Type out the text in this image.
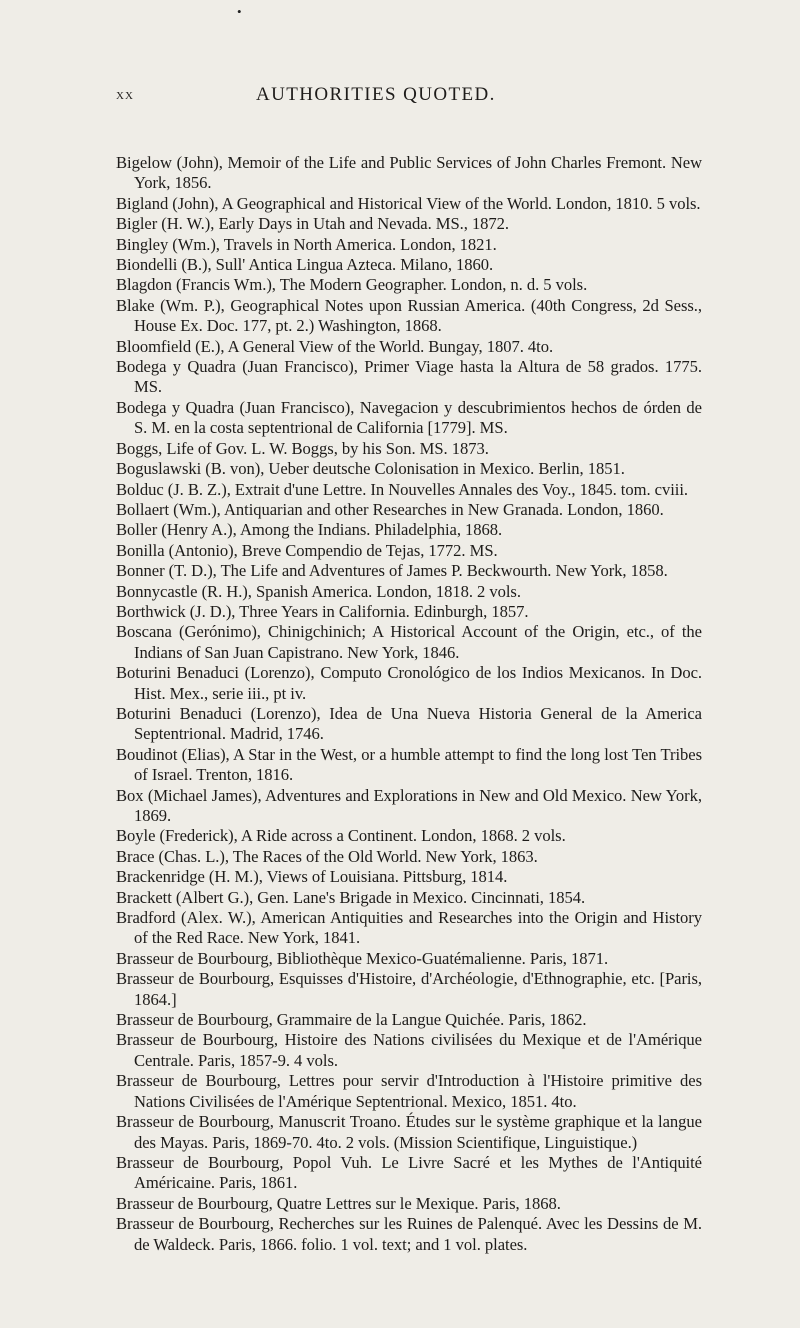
•
xx	AUTHORITIES QUOTED.
Bigelow (John), Memoir of the Life and Public Services of John Charles Fremont. New York, 1856.
Bigland (John), A Geographical and Historical View of the World. London, 1810. 5 vols.
Bigler (H. W.), Early Days in Utah and Nevada. MS., 1872.
Bingley (Wm.), Travels in North America. London, 1821.
Biondelli (B.), Sull' Antica Lingua Azteca. Milano, 1860.
Blagdon (Francis Wm.), The Modern Geographer. London, n. d. 5 vols.
Blake (Wm. P.), Geographical Notes upon Russian America. (40th Congress, 2d Sess., House Ex. Doc. 177, pt. 2.) Washington, 1868.
Bloomfield (E.), A General View of the World. Bungay, 1807. 4to.
Bodega y Quadra (Juan Francisco), Primer Viage hasta la Altura de 58 grados. 1775. MS.
Bodega y Quadra (Juan Francisco), Navegacion y descubrimientos hechos de órden de S. M. en la costa septentrional de California [1779]. MS.
Boggs, Life of Gov. L. W. Boggs, by his Son. MS. 1873.
Boguslawski (B. von), Ueber deutsche Colonisation in Mexico. Berlin, 1851.
Bolduc (J. B. Z.), Extrait d'une Lettre. In Nouvelles Annales des Voy., 1845. tom. cviii.
Bollaert (Wm.), Antiquarian and other Researches in New Granada. London, 1860.
Boller (Henry A.), Among the Indians. Philadelphia, 1868.
Bonilla (Antonio), Breve Compendio de Tejas, 1772. MS.
Bonner (T. D.), The Life and Adventures of James P. Beckwourth. New York, 1858.
Bonnycastle (R. H.), Spanish America. London, 1818. 2 vols.
Borthwick (J. D.), Three Years in California. Edinburgh, 1857.
Boscana (Gerónimo), Chinigchinich; A Historical Account of the Origin, etc., of the Indians of San Juan Capistrano. New York, 1846.
Boturini Benaduci (Lorenzo), Computo Cronológico de los Indios Mexicanos. In Doc. Hist. Mex., serie iii., pt iv.
Boturini Benaduci (Lorenzo), Idea de Una Nueva Historia General de la America Septentrional. Madrid, 1746.
Boudinot (Elias), A Star in the West, or a humble attempt to find the long lost Ten Tribes of Israel. Trenton, 1816.
Box (Michael James), Adventures and Explorations in New and Old Mexico. New York, 1869.
Boyle (Frederick), A Ride across a Continent. London, 1868. 2 vols.
Brace (Chas. L.), The Races of the Old World. New York, 1863.
Brackenridge (H. M.), Views of Louisiana. Pittsburg, 1814.
Brackett (Albert G.), Gen. Lane's Brigade in Mexico. Cincinnati, 1854.
Bradford (Alex. W.), American Antiquities and Researches into the Origin and History of the Red Race. New York, 1841.
Brasseur de Bourbourg, Bibliothèque Mexico-Guatémalienne. Paris, 1871.
Brasseur de Bourbourg, Esquisses d'Histoire, d'Archéologie, d'Ethnographie, etc. [Paris, 1864.]
Brasseur de Bourbourg, Grammaire de la Langue Quichée. Paris, 1862.
Brasseur de Bourbourg, Histoire des Nations civilisées du Mexique et de l'Amérique Centrale. Paris, 1857-9. 4 vols.
Brasseur de Bourbourg, Lettres pour servir d'Introduction à l'Histoire primitive des Nations Civilisées de l'Amérique Septentrional. Mexico, 1851. 4to.
Brasseur de Bourbourg, Manuscrit Troano. Études sur le système graphique et la langue des Mayas. Paris, 1869-70. 4to. 2 vols. (Mission Scientifique, Linguistique.)
Brasseur de Bourbourg, Popol Vuh. Le Livre Sacré et les Mythes de l'Antiquité Américaine. Paris, 1861.
Brasseur de Bourbourg, Quatre Lettres sur le Mexique. Paris, 1868.
Brasseur de Bourbourg, Recherches sur les Ruines de Palenqué. Avec les Dessins de M. de Waldeck. Paris, 1866. folio. 1 vol. text; and 1 vol. plates.
